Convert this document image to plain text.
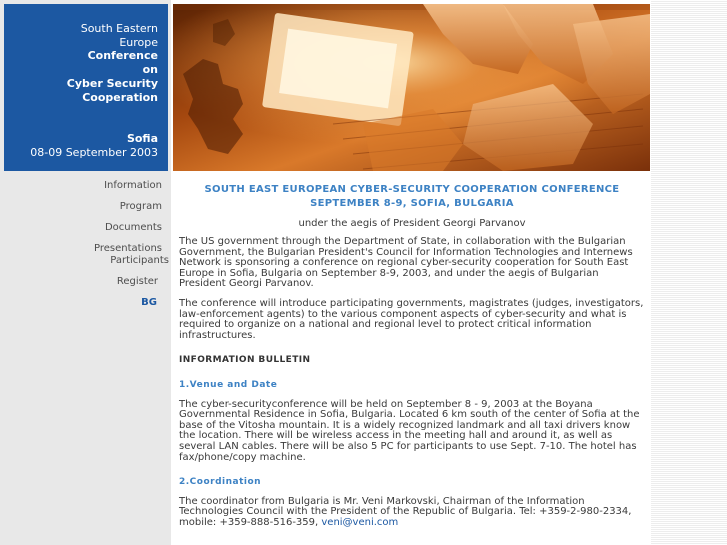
South Eastern
Europe
Conference
on
Cyber Security
Cooperation
Sofia
08-09 September 2003
Information
Program
Documents
Presentations
Participants
Register
BG

SOUTH EAST EUROPEAN CYBER-SECURITY COOPERATION CONFERENCE
SEPTEMBER 8-9, SOFIA, BULGARIA

under the aegis of President Georgi Parvanov

The US government through the Department of State, in collaboration with the Bulgarian Government, the Bulgarian President's Council for Information Technologies and Internews Network is sponsoring a conference on regional cyber-security cooperation for South East Europe in Sofia, Bulgaria on September 8-9, 2003, and under the aegis of Bulgarian President Georgi Parvanov.

The conference will introduce participating governments, magistrates (judges, investigators, law-enforcement agents) to the various component aspects of cyber-security and what is required to organize on a national and regional level to protect critical information infrastructures.

INFORMATION BULLETIN

1.Venue and Date

The cyber-securityconference will be held on September 8 - 9, 2003 at the Boyana Governmental Residence in Sofia, Bulgaria. Located 6 km south of the center of Sofia at the base of the Vitosha mountain. It is a widely recognized landmark and all taxi drivers know the location. There will be wireless access in the meeting hall and around it, as well as several LAN cables. There will be also 5 PC for participants to use Sept. 7-10. The hotel has fax/phone/copy machine.

2.Coordination

The coordinator from Bulgaria is Mr. Veni Markovski, Chairman of the Information Technologies Council with the President of the Republic of Bulgaria. Tel: +359-2-980-2334, mobile: +359-888-516-359, veni@veni.com
